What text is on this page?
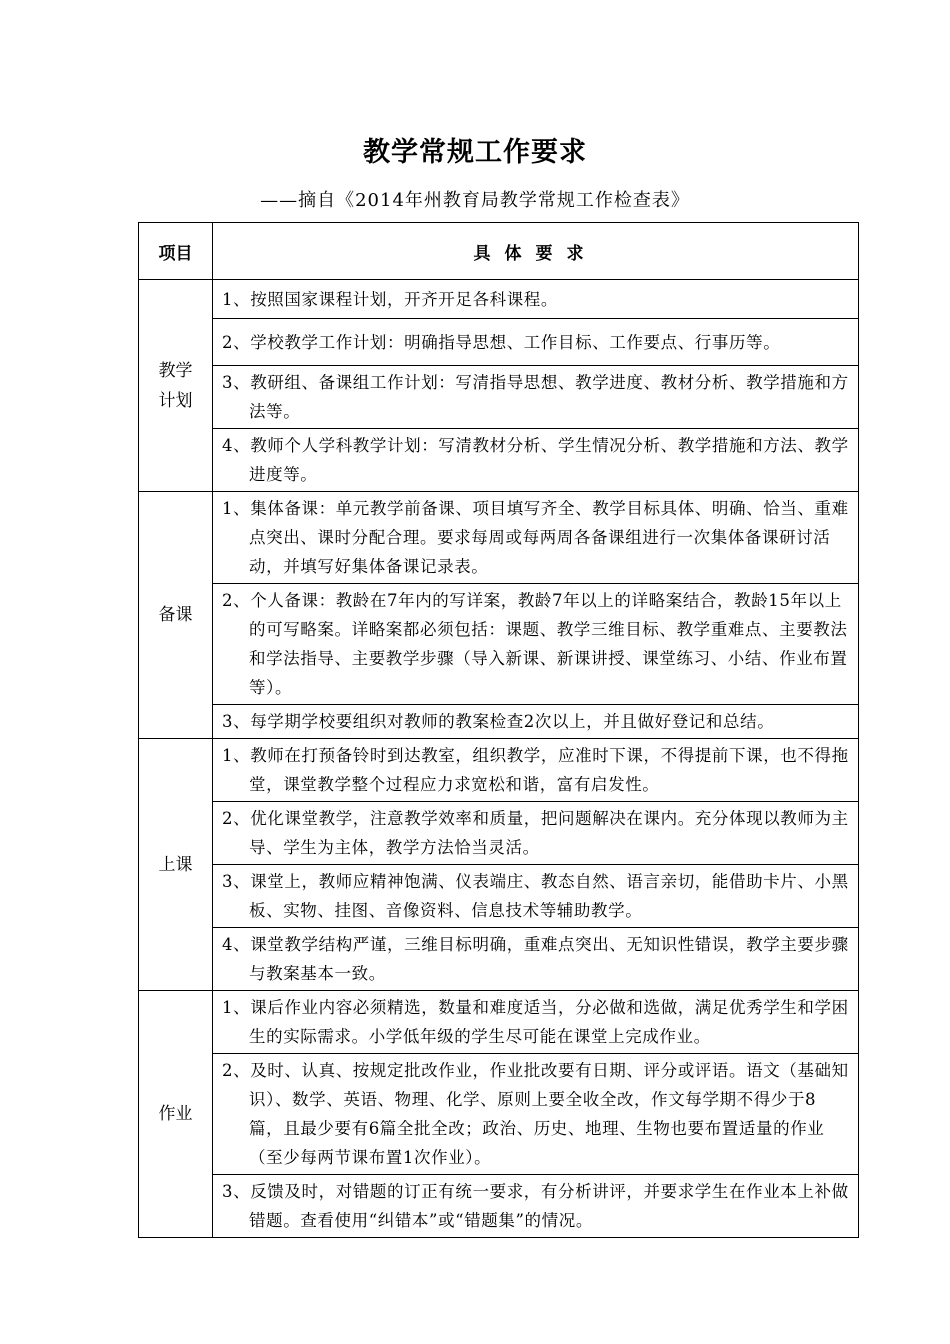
教学常规工作要求
——摘自《2014年州教育局教学常规工作检查表》
项目	具体要求
教学计划	1、按照国家课程计划，开齐开足各科课程。
	2、学校教学工作计划：明确指导思想、工作目标、工作要点、行事历等。
	3、教研组、备课组工作计划：写清指导思想、教学进度、教材分析、教学措施和方法等。
	4、教师个人学科教学计划：写清教材分析、学生情况分析、教学措施和方法、教学进度等。
备课	1、集体备课：单元教学前备课、项目填写齐全、教学目标具体、明确、恰当、重难点突出、课时分配合理。要求每周或每两周各备课组进行一次集体备课研讨活动，并填写好集体备课记录表。
	2、个人备课：教龄在7年内的写详案，教龄7年以上的详略案结合，教龄15年以上的可写略案。详略案都必须包括：课题、教学三维目标、教学重难点、主要教法和学法指导、主要教学步骤（导入新课、新课讲授、课堂练习、小结、作业布置等）。
	3、每学期学校要组织对教师的教案检查2次以上，并且做好登记和总结。
上课	1、教师在打预备铃时到达教室，组织教学，应准时下课，不得提前下课，也不得拖堂，课堂教学整个过程应力求宽松和谐，富有启发性。
	2、优化课堂教学，注意教学效率和质量，把问题解决在课内。充分体现以教师为主导、学生为主体，教学方法恰当灵活。
	3、课堂上，教师应精神饱满、仪表端庄、教态自然、语言亲切，能借助卡片、小黑板、实物、挂图、音像资料、信息技术等辅助教学。
	4、课堂教学结构严谨，三维目标明确，重难点突出、无知识性错误，教学主要步骤与教案基本一致。
作业	1、课后作业内容必须精选，数量和难度适当，分必做和选做，满足优秀学生和学困生的实际需求。小学低年级的学生尽可能在课堂上完成作业。
	2、及时、认真、按规定批改作业，作业批改要有日期、评分或评语。语文（基础知识）、数学、英语、物理、化学、原则上要全收全改，作文每学期不得少于8篇，且最少要有6篇全批全改；政治、历史、地理、生物也要布置适量的作业（至少每两节课布置1次作业）。
	3、反馈及时，对错题的订正有统一要求，有分析讲评，并要求学生在作业本上补做错题。查看使用“纠错本”或“错题集”的情况。
